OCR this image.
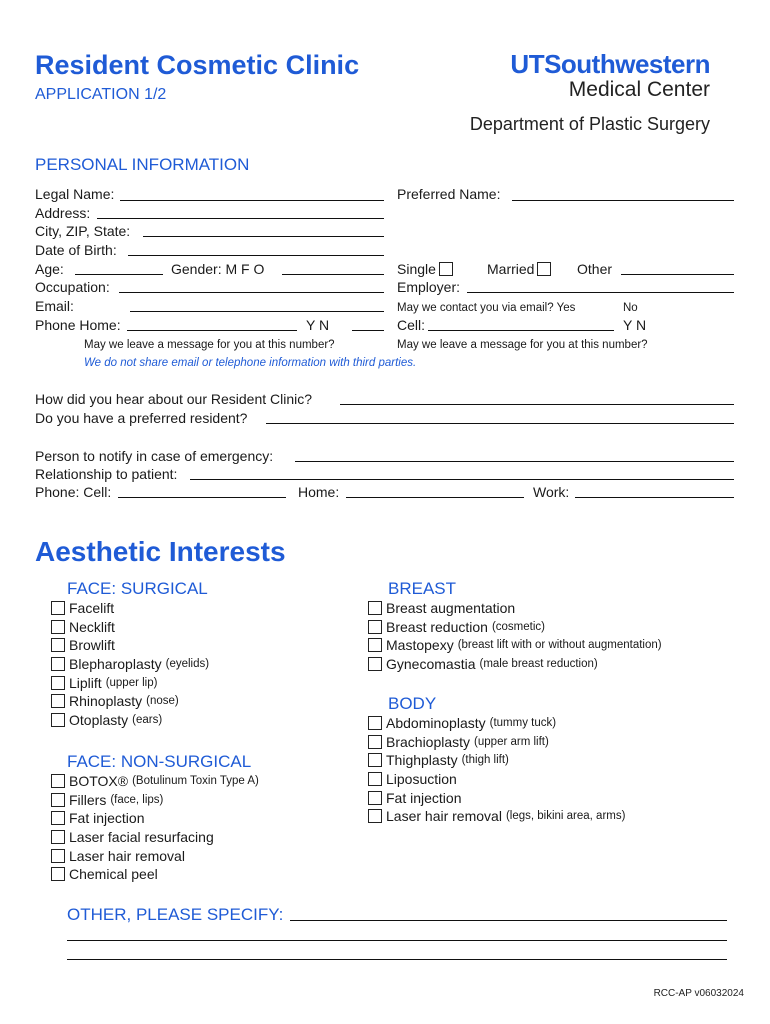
Resident Cosmetic Clinic
APPLICATION 1/2
UTSouthwestern
Medical Center
Department of Plastic Surgery
PERSONAL INFORMATION
Legal Name:	Preferred Name:
Address:
City, ZIP, State:
Date of Birth:
Age:	Gender: M F O	Single	Married	Other
Occupation:	Employer:
Email:	May we contact you via email? Yes	No
Phone Home:	Y N	Cell:	Y N
May we leave a message for you at this number?	May we leave a message for you at this number?
We do not share email or telephone information with third parties.
How did you hear about our Resident Clinic?
Do you have a preferred resident?
Person to notify in case of emergency:
Relationship to patient:
Phone: Cell:	Home:	Work:
Aesthetic Interests
FACE: SURGICAL
Facelift
Necklift
Browlift
Blepharoplasty (eyelids)
Liplift (upper lip)
Rhinoplasty (nose)
Otoplasty (ears)
FACE: NON-SURGICAL
BOTOX® (Botulinum Toxin Type A)
Fillers (face, lips)
Fat injection
Laser facial resurfacing
Laser hair removal
Chemical peel
BREAST
Breast augmentation
Breast reduction (cosmetic)
Mastopexy (breast lift with or without augmentation)
Gynecomastia (male breast reduction)
BODY
Abdominoplasty (tummy tuck)
Brachioplasty (upper arm lift)
Thighplasty (thigh lift)
Liposuction
Fat injection
Laser hair removal (legs, bikini area, arms)
OTHER, PLEASE SPECIFY:
RCC-AP v06032024
